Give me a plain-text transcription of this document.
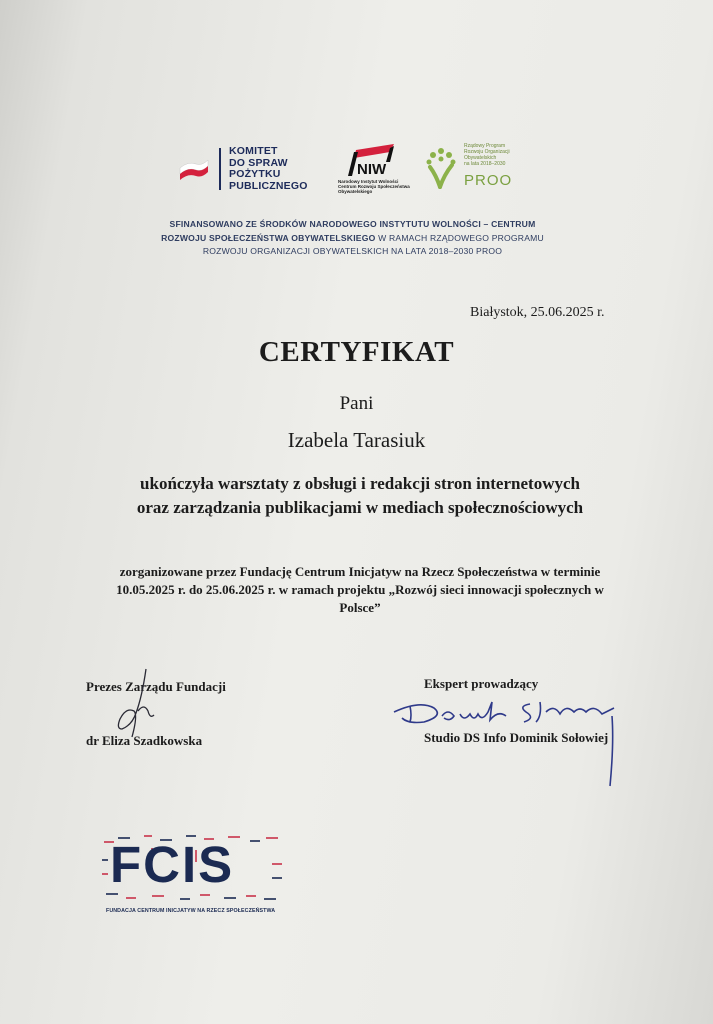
KOMITET
DO SPRAW
POŻYTKU
PUBLICZNEGO
NIW
Narodowy Instytut Wolności
Centrum Rozwoju Społeczeństwa Obywatelskiego
Rządowy Program
Rozwoju Organizacji
Obywatelskich
na lata 2018–2030
PROO
SFINANSOWANO ZE ŚRODKÓW NARODOWEGO INSTYTUTU WOLNOŚCI – CENTRUM
ROZWOJU SPOŁECZEŃSTWA OBYWATELSKIEGO W RAMACH RZĄDOWEGO PROGRAMU
ROZWOJU ORGANIZACJI OBYWATELSKICH NA LATA 2018–2030 PROO
Białystok, 25.06.2025 r.
CERTYFIKAT
Pani
Izabela Tarasiuk
ukończyła warsztaty z obsługi i redakcji stron internetowych
oraz zarządzania publikacjami w mediach społecznościowych
zorganizowane przez Fundację Centrum Inicjatyw na Rzecz Społeczeństwa w terminie
10.05.2025 r. do 25.06.2025 r. w ramach projektu „Rozwój sieci innowacji społecznych w
Polsce”
Prezes Zarządu Fundacji
dr Eliza Szadkowska
Ekspert prowadzący
Studio DS Info Dominik Sołowiej
FCIS
FUNDACJA CENTRUM INICJATYW NA RZECZ SPOŁECZEŃSTWA
